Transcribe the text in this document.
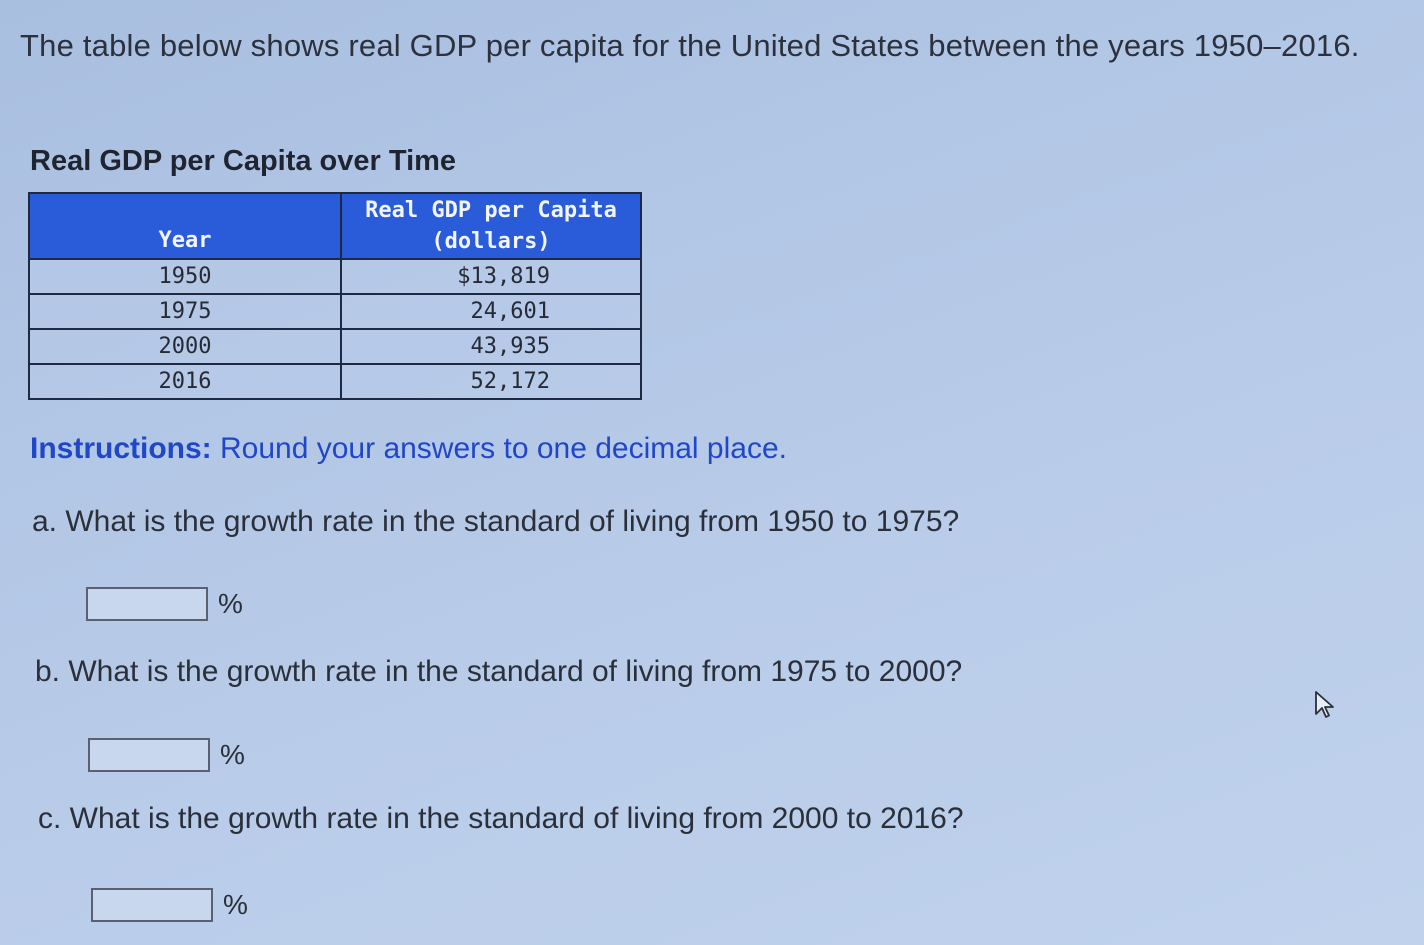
The table below shows real GDP per capita for the United States between the years 1950–2016.
Real GDP per Capita over Time
Year	Real GDP per Capita
(dollars)

1950	$13,819
1975	24,601
2000	43,935
2016	52,172
Instructions: Round your answers to one decimal place.
a. What is the growth rate in the standard of living from 1950 to 1975?
%
b. What is the growth rate in the standard of living from 1975 to 2000?
%
c. What is the growth rate in the standard of living from 2000 to 2016?
%
